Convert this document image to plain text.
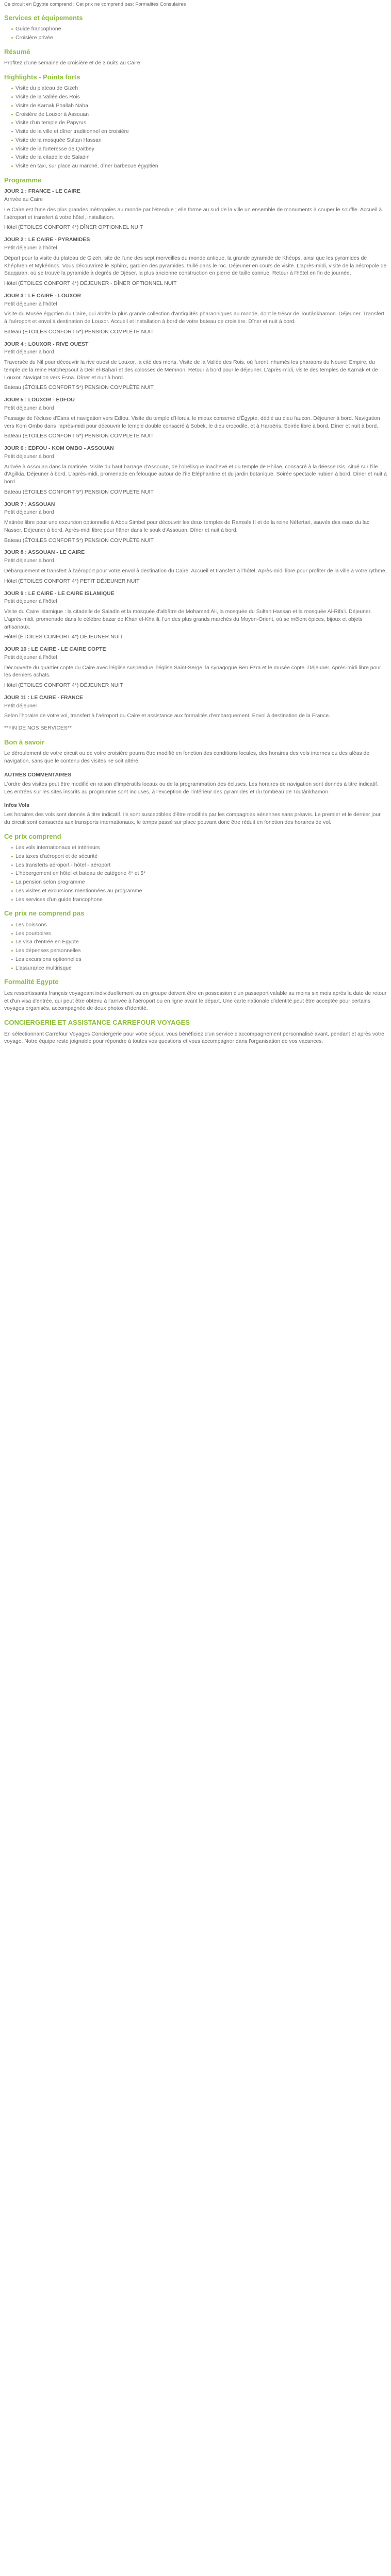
Ce circuit en Égypte comprend : Cet prix ne comprend pas: Formalités Consulaires

Services et équipements
Guide francophone
Croisière privée
Résumé

Profitez d'une semaine de croisière et de 3 nuits au Caire

Highlights - Points forts
Visite du plateau de Gizeh
Visite de la Vallée des Rois
Visite de Karnak Phallah Naba
Croisière de Louxor à Assouan
Visite d'un temple de Papyrus
Visite de la ville et dîner traditionnel en croisière
Visite de la mosquée Sultan Hassan
Visite de la forteresse de Qaitbey
Visite de la citadelle de Saladin
Visite en taxi, sur place au marché, dîner barbecue égyptien
Programme

JOUR 1 : FRANCE - LE CAIRE

Arrivée au Caire

Le Caire est l'une des plus grandes métropoles au monde par l'étendue ; elle forme au sud de la ville un ensemble de monuments à couper le souffle. Accueil à l'aéroport et transfert à votre hôtel, installation.

Hôtel (ÉTOILES CONFORT 4*) DÎNER OPTIONNEL NUIT

JOUR 2 : LE CAIRE - PYRAMIDES

Petit déjeuner à l'hôtel

Départ pour la visite du plateau de Gizeh, site de l'une des sept merveilles du monde antique, la grande pyramide de Khéops, ainsi que les pyramides de Khéphren et Mykérinos. Vous découvrirez le Sphinx, gardien des pyramides, taillé dans le roc. Déjeuner en cours de visite. L'après-midi, visite de la nécropole de Saqqarah, où se trouve la pyramide à degrés de Djéser, la plus ancienne construction en pierre de taille connue. Retour à l'hôtel en fin de journée.

Hôtel (ÉTOILES CONFORT 4*) DÉJEUNER - DÎNER OPTIONNEL NUIT

JOUR 3 : LE CAIRE - LOUXOR

Petit déjeuner à l'hôtel

Visite du Musée égyptien du Caire, qui abrite la plus grande collection d'antiquités pharaoniques au monde, dont le trésor de Toutânkhamon. Déjeuner. Transfert à l'aéroport et envol à destination de Louxor. Accueil et installation à bord de votre bateau de croisière. Dîner et nuit à bord.

Bateau (ÉTOILES CONFORT 5*) PENSION COMPLÈTE NUIT

JOUR 4 : LOUXOR - RIVE OUEST

Petit déjeuner à bord

Traversée du Nil pour découvrir la rive ouest de Louxor, la cité des morts. Visite de la Vallée des Rois, où furent inhumés les pharaons du Nouvel Empire, du temple de la reine Hatchepsout à Deir el-Bahari et des colosses de Memnon. Retour à bord pour le déjeuner. L'après-midi, visite des temples de Karnak et de Louxor. Navigation vers Esna. Dîner et nuit à bord.

Bateau (ÉTOILES CONFORT 5*) PENSION COMPLÈTE NUIT

JOUR 5 : LOUXOR - EDFOU

Petit déjeuner à bord

Passage de l'écluse d'Esna et navigation vers Edfou. Visite du temple d'Horus, le mieux conservé d'Égypte, dédié au dieu faucon. Déjeuner à bord. Navigation vers Kom Ombo dans l'après-midi pour découvrir le temple double consacré à Sobek, le dieu crocodile, et à Haroëris. Soirée libre à bord. Dîner et nuit à bord.

Bateau (ÉTOILES CONFORT 5*) PENSION COMPLÈTE NUIT

JOUR 6 : EDFOU - KOM OMBO - ASSOUAN

Petit déjeuner à bord

Arrivée à Assouan dans la matinée. Visite du haut barrage d'Assouan, de l'obélisque inachevé et du temple de Philae, consacré à la déesse Isis, situé sur l'île d'Agilkia. Déjeuner à bord. L'après-midi, promenade en felouque autour de l'île Éléphantine et du jardin botanique. Soirée spectacle nubien à bord. Dîner et nuit à bord.

Bateau (ÉTOILES CONFORT 5*) PENSION COMPLÈTE NUIT

JOUR 7 : ASSOUAN

Petit déjeuner à bord

Matinée libre pour une excursion optionnelle à Abou Simbel pour découvrir les deux temples de Ramsès II et de la reine Néfertari, sauvés des eaux du lac Nasser. Déjeuner à bord. Après-midi libre pour flâner dans le souk d'Assouan. Dîner et nuit à bord.

Bateau (ÉTOILES CONFORT 5*) PENSION COMPLÈTE NUIT

JOUR 8 : ASSOUAN - LE CAIRE

Petit déjeuner à bord

Débarquement et transfert à l'aéroport pour votre envol à destination du Caire. Accueil et transfert à l'hôtel. Après-midi libre pour profiter de la ville à votre rythme.

Hôtel (ÉTOILES CONFORT 4*) PETIT DÉJEUNER NUIT

JOUR 9 : LE CAIRE - LE CAIRE ISLAMIQUE

Petit déjeuner à l'hôtel

Visite du Caire islamique : la citadelle de Saladin et la mosquée d'albâtre de Mohamed Ali, la mosquée du Sultan Hassan et la mosquée Al-Rifa'i. Déjeuner. L'après-midi, promenade dans le célèbre bazar de Khan el-Khalili, l'un des plus grands marchés du Moyen-Orient, où se mêlent épices, bijoux et objets artisanaux.

Hôtel (ÉTOILES CONFORT 4*) DÉJEUNER NUIT

JOUR 10 : LE CAIRE - LE CAIRE COPTE

Petit déjeuner à l'hôtel

Découverte du quartier copte du Caire avec l'église suspendue, l'église Saint-Serge, la synagogue Ben Ezra et le musée copte. Déjeuner. Après-midi libre pour les derniers achats.

Hôtel (ÉTOILES CONFORT 4*) DÉJEUNER NUIT

JOUR 11 : LE CAIRE - FRANCE

Petit déjeuner

Selon l'horaire de votre vol, transfert à l'aéroport du Caire et assistance aux formalités d'embarquement. Envol à destination de la France.

**FIN DE NOS SERVICES**

Bon à savoir

Le déroulement de votre circuit ou de votre croisière pourra être modifié en fonction des conditions locales, des horaires des vols internes ou des aléas de navigation, sans que le contenu des visites ne soit altéré.

AUTRES COMMENTAIRES

L'ordre des visites peut être modifié en raison d'impératifs locaux ou de la programmation des écluses. Les horaires de navigation sont donnés à titre indicatif. Les entrées sur les sites inscrits au programme sont incluses, à l'exception de l'intérieur des pyramides et du tombeau de Toutânkhamon.

Infos Vols

Les horaires des vols sont donnés à titre indicatif. Ils sont susceptibles d'être modifiés par les compagnies aériennes sans préavis. Le premier et le dernier jour du circuit sont consacrés aux transports internationaux, le temps passé sur place pouvant donc être réduit en fonction des horaires de vol.

Ce prix comprend
Les vols internationaux et intérieurs
Les taxes d'aéroport et de sécurité
Les transferts aéroport - hôtel - aéroport
L'hébergement en hôtel et bateau de catégorie 4* et 5*
La pension selon programme
Les visites et excursions mentionnées au programme
Les services d'un guide francophone
Ce prix ne comprend pas
Les boissons
Les pourboires
Le visa d'entrée en Égypte
Les dépenses personnelles
Les excursions optionnelles
L'assurance multirisque
Formalité Egypte

Les ressortissants français voyageant individuellement ou en groupe doivent être en possession d'un passeport valable au moins six mois après la date de retour et d'un visa d'entrée, qui peut être obtenu à l'arrivée à l'aéroport ou en ligne avant le départ. Une carte nationale d'identité peut être acceptée pour certains voyages organisés, accompagnée de deux photos d'identité.

CONCIERGERIE ET ASSISTANCE CARREFOUR VOYAGES

En sélectionnant Carrefour Voyages Conciergerie pour votre séjour, vous bénéficiez d'un service d'accompagnement personnalisé avant, pendant et après votre voyage. Notre équipe reste joignable pour répondre à toutes vos questions et vous accompagner dans l'organisation de vos vacances.
